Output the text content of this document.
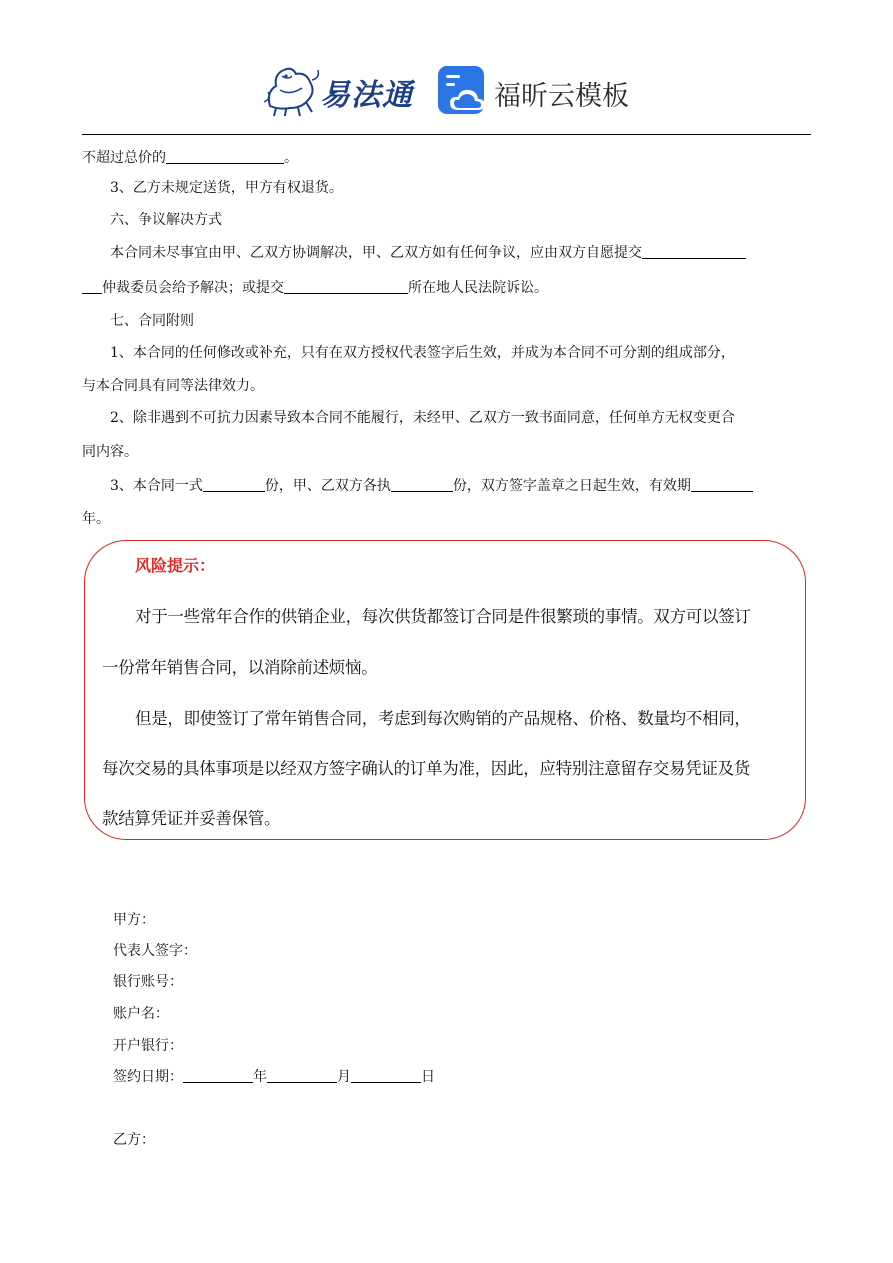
易法通	福昕云模板
不超过总价的	。
3、乙方未规定送货，甲方有权退货。
六、争议解决方式
本合同未尽事宜由甲、乙双方协调解决，甲、乙双方如有任何争议，应由双方自愿提交
仲裁委员会给予解决；或提交	所在地人民法院诉讼。
七、合同附则
1、本合同的任何修改或补充，只有在双方授权代表签字后生效，并成为本合同不可分割的组成部分，
与本合同具有同等法律效力。
2、除非遇到不可抗力因素导致本合同不能履行，未经甲、乙双方一致书面同意，任何单方无权变更合
同内容。
3、本合同一式	份，甲、乙双方各执	份，双方签字盖章之日起生效，有效期
年。
风险提示：
对于一些常年合作的供销企业，每次供货都签订合同是件很繁琐的事情。双方可以签订
一份常年销售合同，以消除前述烦恼。
但是，即使签订了常年销售合同，考虑到每次购销的产品规格、价格、数量均不相同，
每次交易的具体事项是以经双方签字确认的订单为准，因此，应特别注意留存交易凭证及货
款结算凭证并妥善保管。
甲方：
代表人签字：
银行账号：
账户名：
开户银行：
签约日期：	年	月	日
乙方：
